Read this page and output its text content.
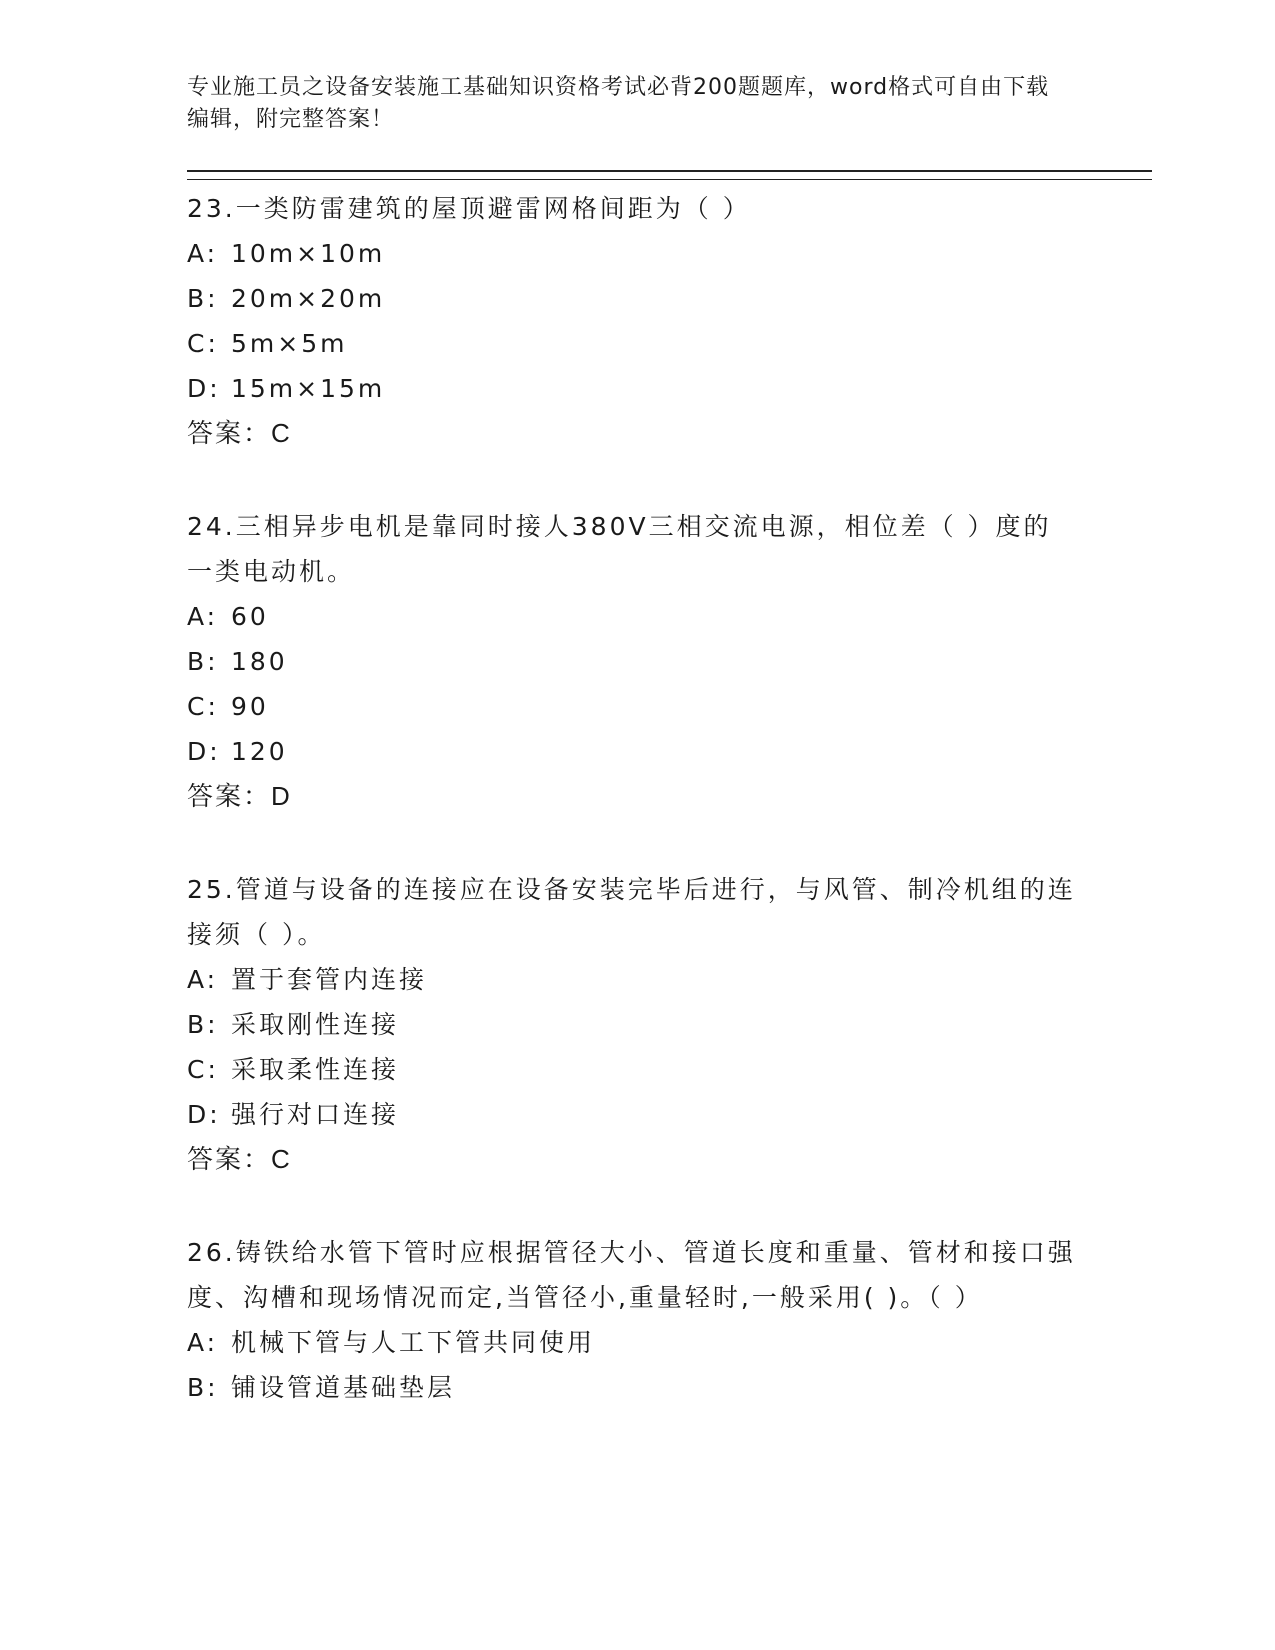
专业施工员之设备安装施工基础知识资格考试必背200题题库，word格式可自由下载编辑，附完整答案！

23.一类防雷建筑的屋顶避雷网格间距为（ ）

A: 10m×10m

B: 20m×20m

C: 5m×5m

D: 15m×15m

答案：C

24.三相异步电机是靠同时接人380V三相交流电源，相位差（ ）度的一类电动机。

A: 60

B: 180

C: 90

D: 120

答案：D

25.管道与设备的连接应在设备安装完毕后进行，与风管、制冷机组的连接须（ ）。

A: 置于套管内连接

B: 采取刚性连接

C: 采取柔性连接

D: 强行对口连接

答案：C

26.铸铁给水管下管时应根据管径大小、管道长度和重量、管材和接口强度、沟槽和现场情况而定,当管径小,重量轻时,一般采用( )。（ ）

A: 机械下管与人工下管共同使用

B: 铺设管道基础垫层
